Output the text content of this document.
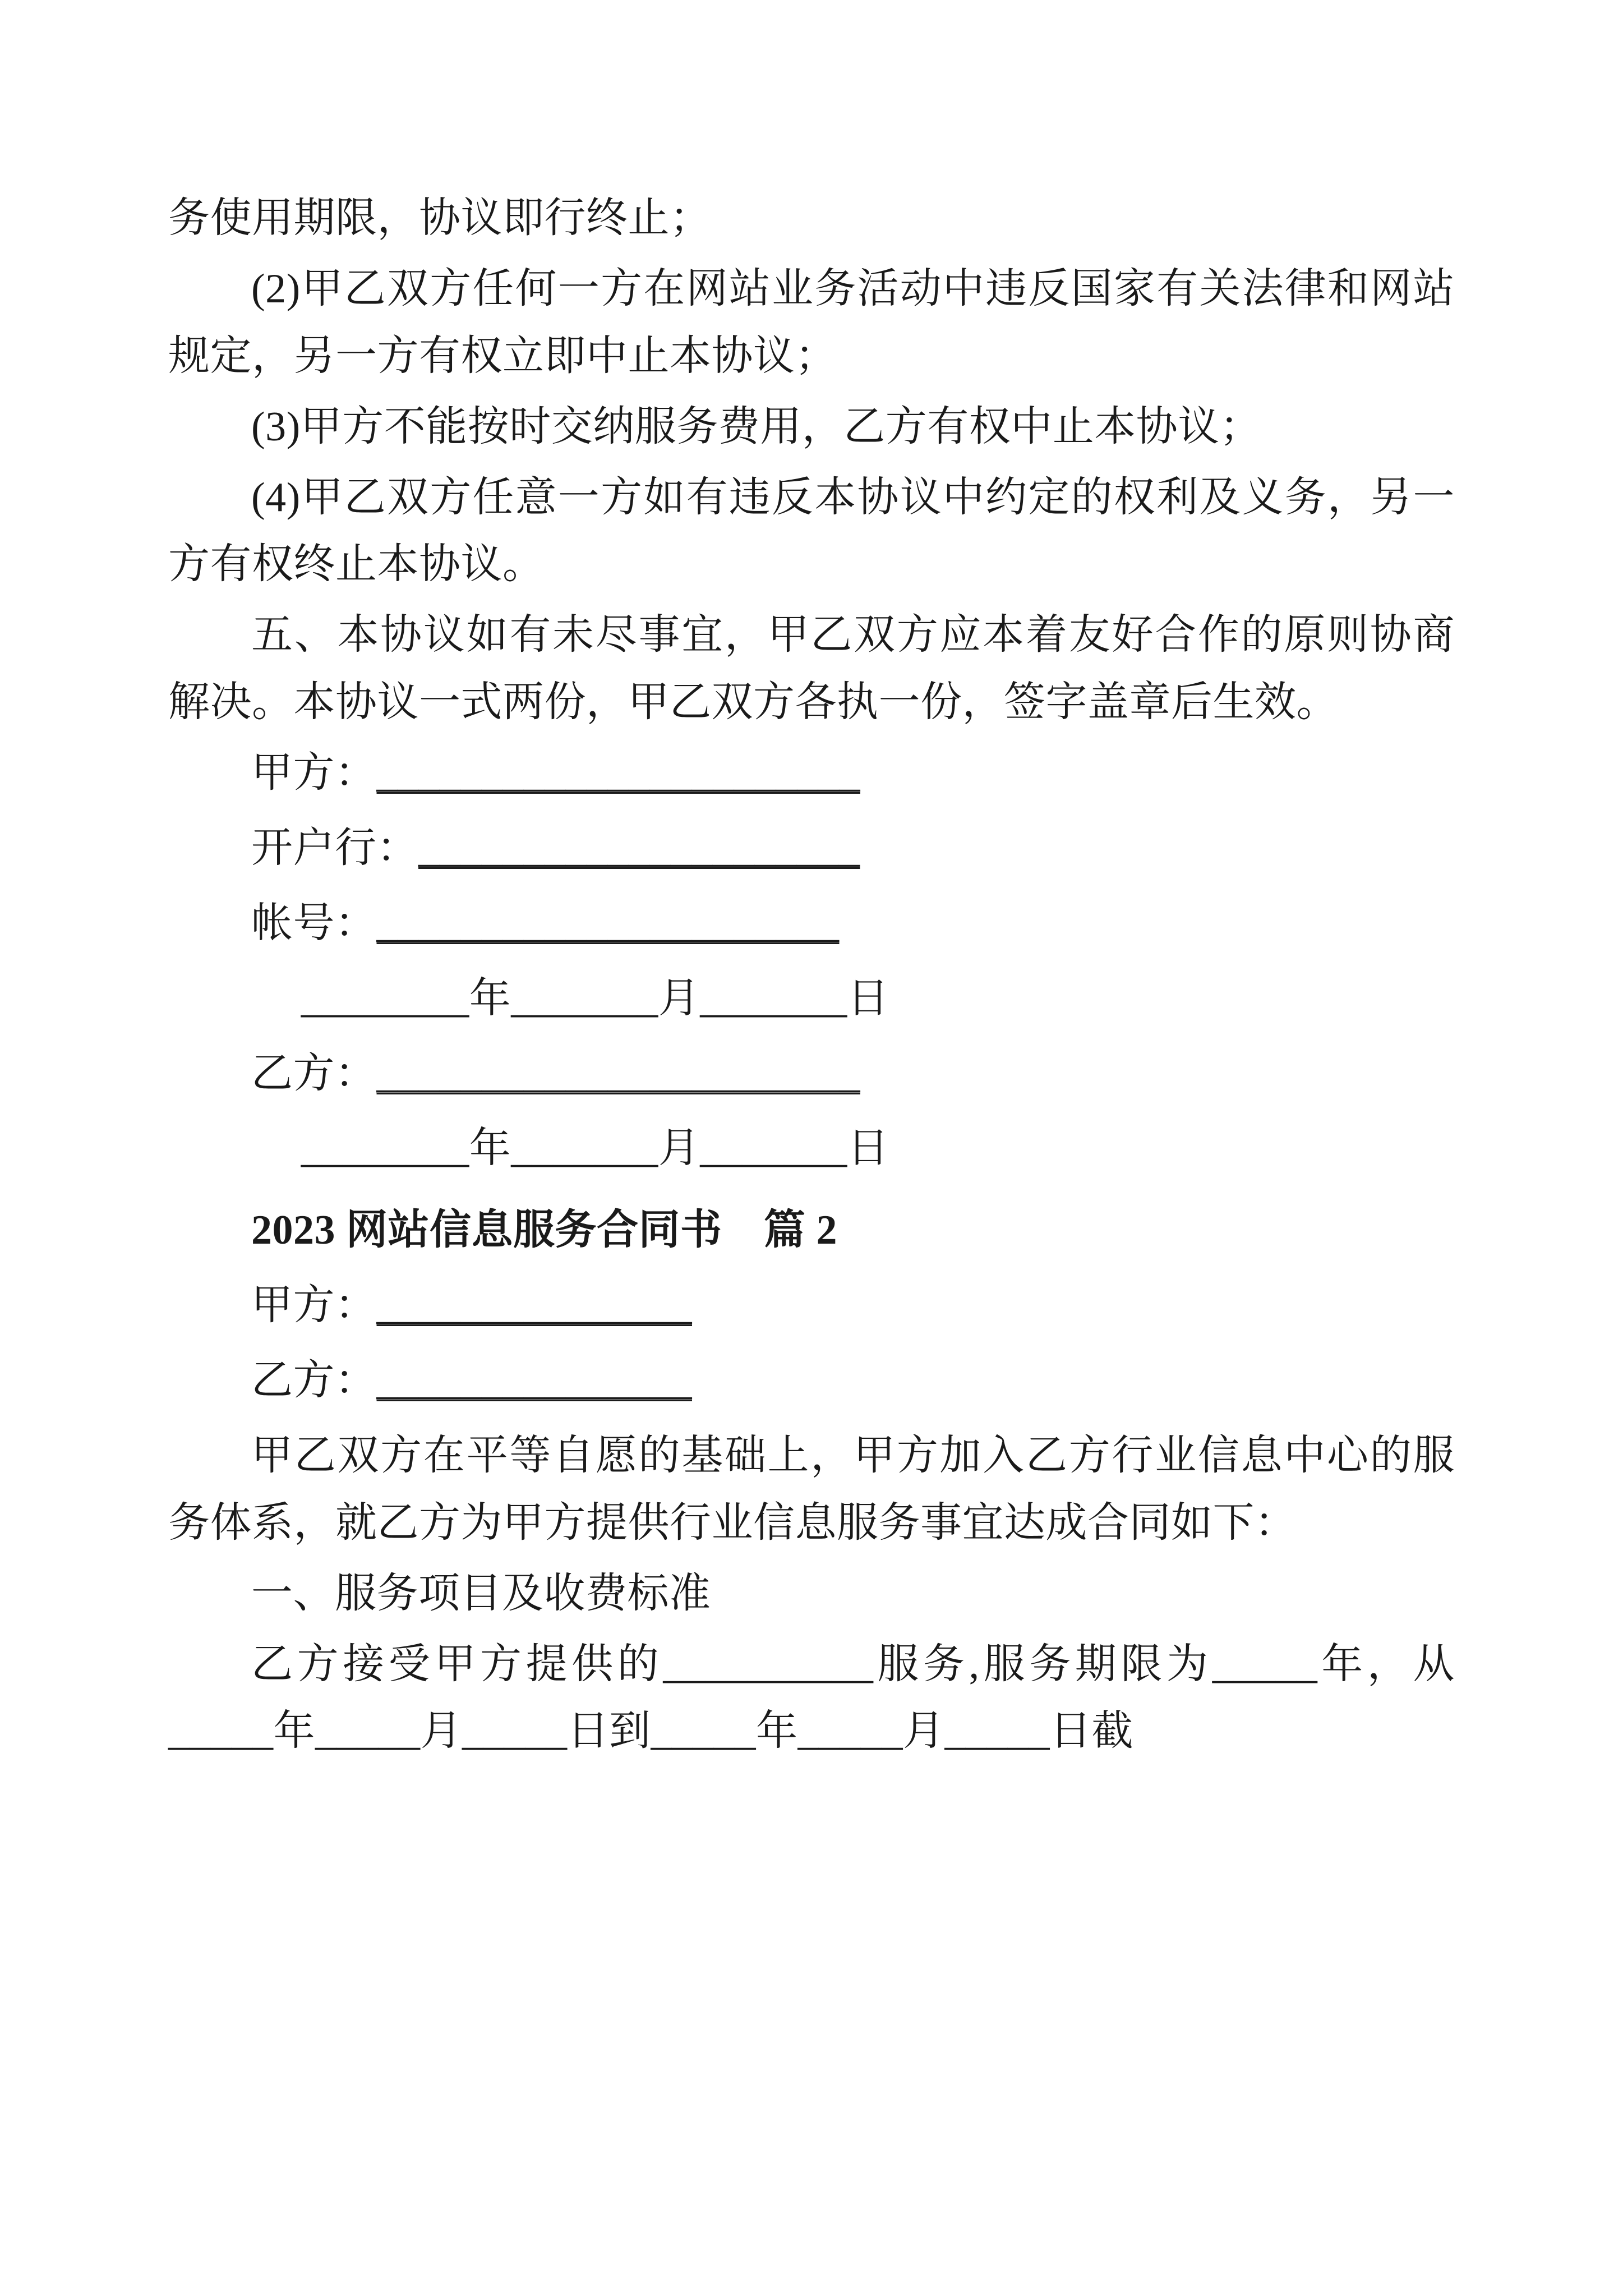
务使用期限，协议即行终止；

(2)甲乙双方任何一方在网站业务活动中违反国家有关法律和网站规定，另一方有权立即中止本协议；

(3)甲方不能按时交纳服务费用，乙方有权中止本协议；

(4)甲乙双方任意一方如有违反本协议中约定的权利及义务，另一方有权终止本协议。

五、本协议如有未尽事宜，甲乙双方应本着友好合作的原则协商解决。本协议一式两份，甲乙双方各执一份，签字盖章后生效。

甲方：_______________________

开户行：_____________________

帐号：______________________

________年_______月_______日

乙方：_______________________

________年_______月_______日

2023 网站信息服务合同书　篇 2

甲方：_______________

乙方：_______________

甲乙双方在平等自愿的基础上，甲方加入乙方行业信息中心的服务体系，就乙方为甲方提供行业信息服务事宜达成合同如下：

一、服务项目及收费标准

乙方接受甲方提供的__________服务,服务期限为_____年，从_____年_____月_____日到_____年_____月_____日截
